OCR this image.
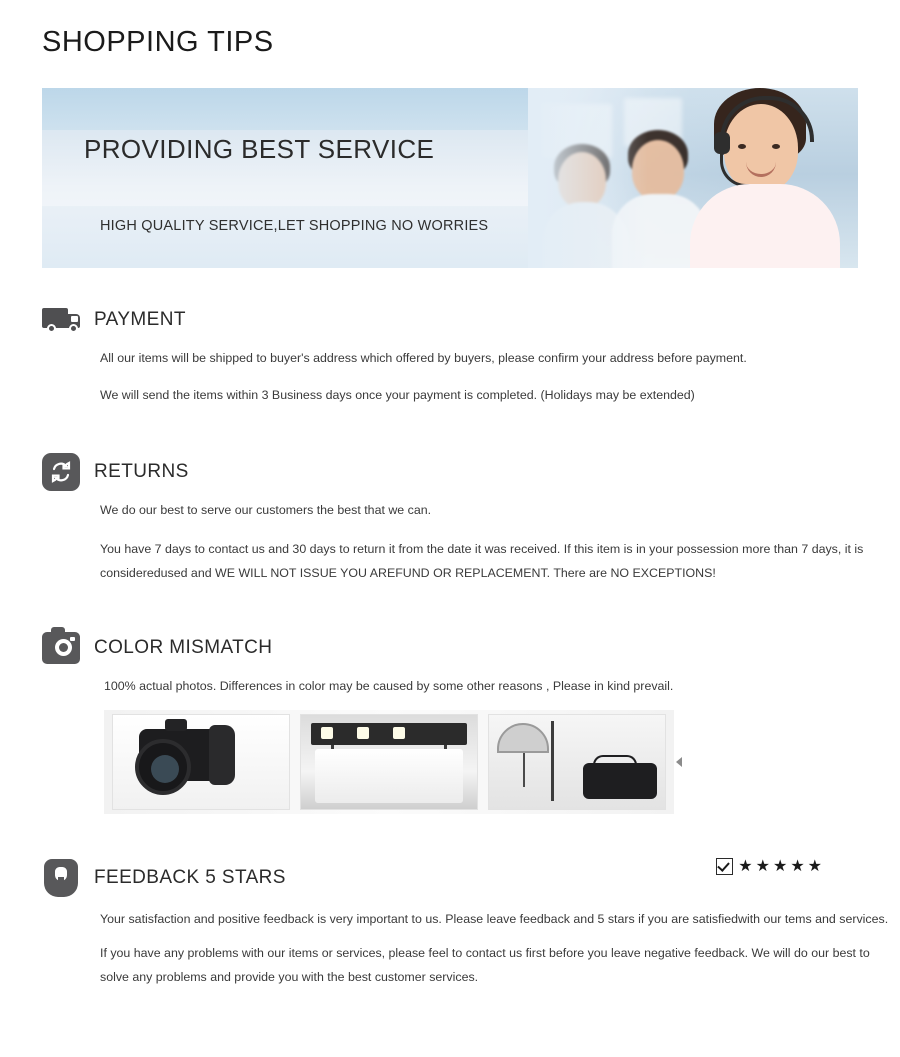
SHOPPING TIPS
PROVIDING BEST SERVICE
HIGH QUALITY SERVICE,LET SHOPPING NO WORRIES
PAYMENT

All our items will be shipped to buyer's address which offered by buyers, please confirm your address before payment.

We will send the items within 3 Business days once your payment is completed. (Holidays may be extended)

RETURNS

We do our best to serve our customers the best that we can.

You have 7 days to contact us and 30 days to return it from the date it was received. If this item is in your possession more than 7 days, it is consideredused and WE WILL NOT ISSUE YOU AREFUND OR REPLACEMENT. There are NO EXCEPTIONS!

COLOR MISMATCH

100% actual photos. Differences in color may be caused by some other reasons , Please in kind prevail.

FEEDBACK 5 STARS
★ ★ ★ ★ ★

Your satisfaction and positive feedback is very important to us. Please leave feedback and 5 stars if you are satisfiedwith our tems and services.

If you have any problems with our items or services, please feel to contact us first before you leave negative feedback. We will do our best to solve any problems and provide you with the best customer services.
